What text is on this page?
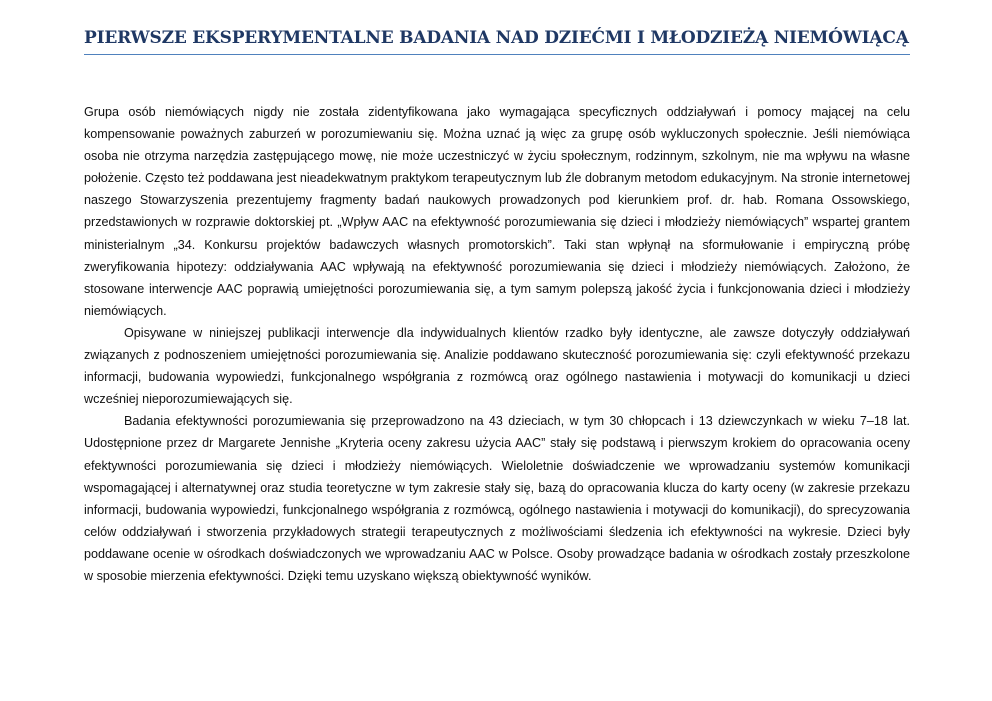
PIERWSZE EKSPERYMENTALNE BADANIA NAD DZIEĆMI I MŁODZIEŻĄ NIEMÓWIĄCĄ

Grupa osób niemówiących nigdy nie została zidentyfikowana jako wymagająca specyficznych oddziaływań i pomocy mającej na celu kompensowanie poważnych zaburzeń w porozumiewaniu się. Można uznać ją więc za grupę osób wykluczonych społecznie. Jeśli niemówiąca osoba nie otrzyma narzędzia zastępującego mowę, nie może uczestniczyć w życiu społecznym, rodzinnym, szkolnym, nie ma wpływu na własne położenie. Często też poddawana jest nieadekwatnym praktykom terapeutycznym lub źle dobranym metodom edukacyjnym. Na stronie internetowej naszego Stowarzyszenia prezentujemy fragmenty badań naukowych prowadzonych pod kierunkiem prof. dr. hab. Romana Ossowskiego, przedstawionych w rozprawie doktorskiej pt. „Wpływ AAC na efektywność porozumiewania się dzieci i młodzieży niemówiących” wspartej grantem ministerialnym „34. Konkursu projektów badawczych własnych promotorskich”. Taki stan wpłynął na sformułowanie i empiryczną próbę zweryfikowania hipotezy: oddziaływania AAC wpływają na efektywność porozumiewania się dzieci i młodzieży niemówiących. Założono, że stosowane interwencje AAC poprawią umiejętności porozumiewania się, a tym samym polepszą jakość życia i funkcjonowania dzieci i młodzieży niemówiących.

Opisywane w niniejszej publikacji interwencje dla indywidualnych klientów rzadko były identyczne, ale zawsze dotyczyły oddziaływań związanych z podnoszeniem umiejętności porozumiewania się. Analizie poddawano skuteczność porozumiewania się: czyli efektywność przekazu informacji, budowania wypowiedzi, funkcjonalnego współgrania z rozmówcą oraz ogólnego nastawienia i motywacji do komunikacji u dzieci wcześniej nieporozumiewających się.

Badania efektywności porozumiewania się przeprowadzono na 43 dzieciach, w tym 30 chłopcach i 13 dziewczynkach w wieku 7–18 lat. Udostępnione przez dr Margarete Jennishe „Kryteria oceny zakresu użycia AAC” stały się podstawą i pierwszym krokiem do opracowania oceny efektywności porozumiewania się dzieci i młodzieży niemówiących. Wieloletnie doświadczenie we wprowadzaniu systemów komunikacji wspomagającej i alternatywnej oraz studia teoretyczne w tym zakresie stały się, bazą do opracowania klucza do karty oceny (w zakresie przekazu informacji, budowania wypowiedzi, funkcjonalnego współgrania z rozmówcą, ogólnego nastawienia i motywacji do komunikacji), do sprecyzowania celów oddziaływań i stworzenia przykładowych strategii terapeutycznych z możliwościami śledzenia ich efektywności na wykresie. Dzieci były poddawane ocenie w ośrodkach doświadczonych we wprowadzaniu AAC w Polsce. Osoby prowadzące badania w ośrodkach zostały przeszkolone w sposobie mierzenia efektywności. Dzięki temu uzyskano większą obiektywność wyników.
